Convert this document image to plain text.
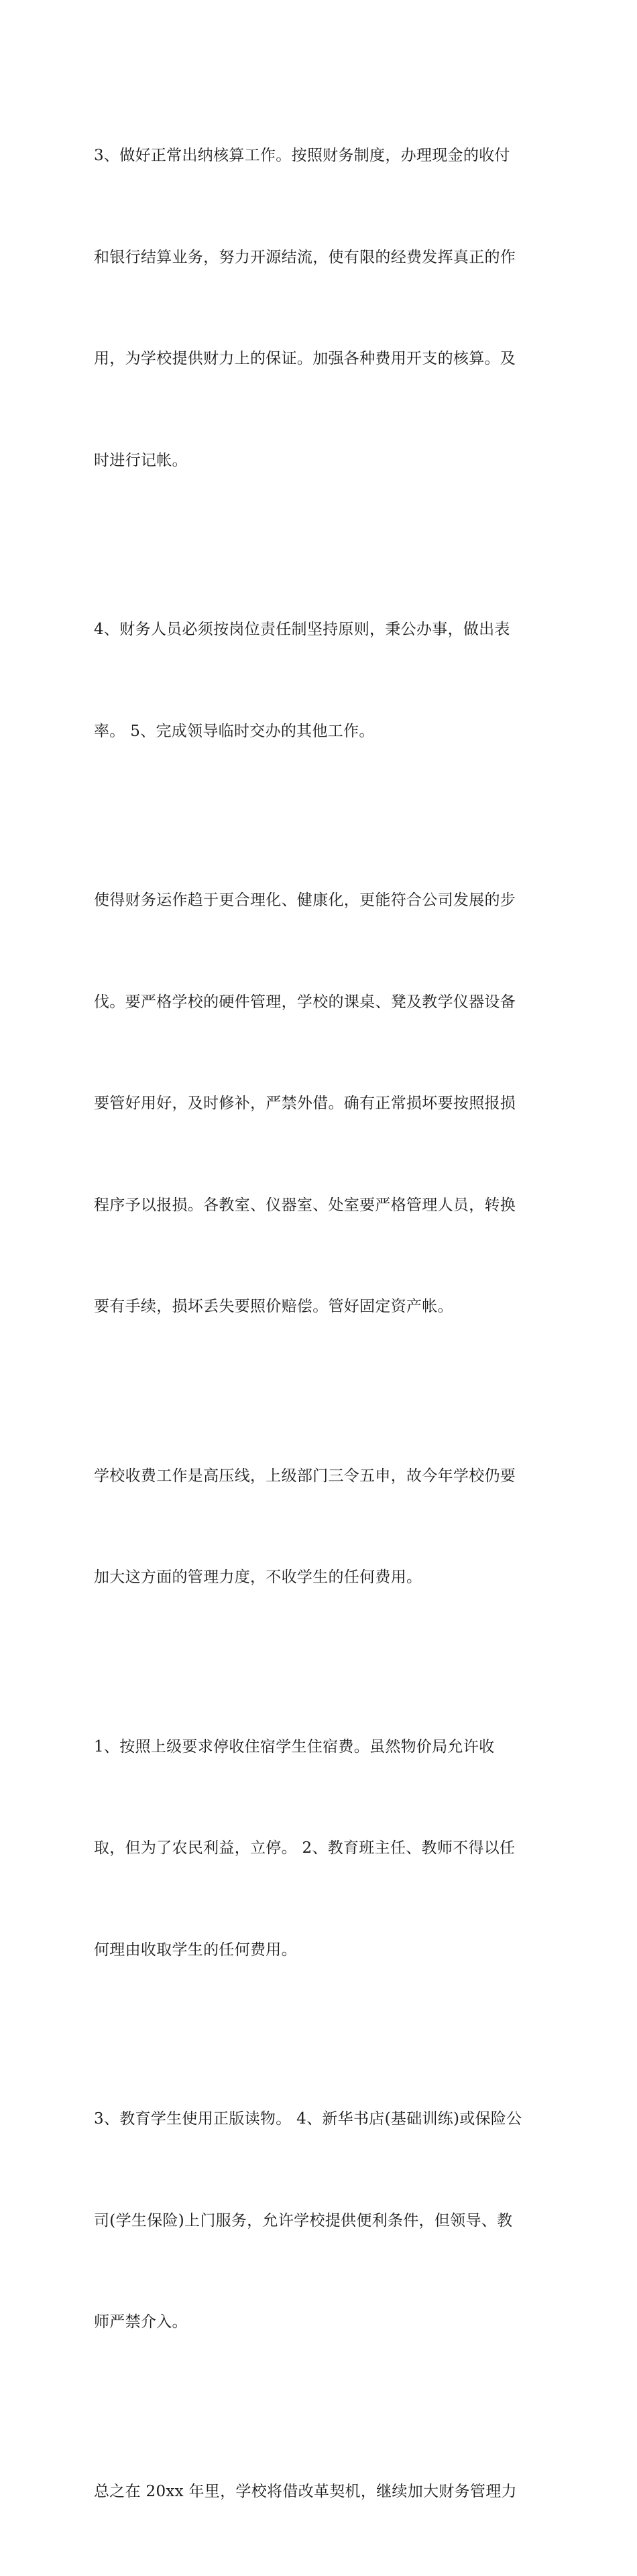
3、做好正常出纳核算工作。按照财务制度，办理现金的收付

和银行结算业务，努力开源结流，使有限的经费发挥真正的作

用，为学校提供财力上的保证。加强各种费用开支的核算。及

时进行记帐。

4、财务人员必须按岗位责任制坚持原则，秉公办事，做出表

率。 5、完成领导临时交办的其他工作。

使得财务运作趋于更合理化、健康化，更能符合公司发展的步

伐。要严格学校的硬件管理，学校的课桌、凳及教学仪器设备

要管好用好，及时修补，严禁外借。确有正常损坏要按照报损

程序予以报损。各教室、仪器室、处室要严格管理人员，转换

要有手续，损坏丢失要照价赔偿。管好固定资产帐。

学校收费工作是高压线，上级部门三令五申，故今年学校仍要

加大这方面的管理力度，不收学生的任何费用。

1、按照上级要求停收住宿学生住宿费。虽然物价局允许收

取，但为了农民利益，立停。 2、教育班主任、教师不得以任

何理由收取学生的任何费用。

3、教育学生使用正版读物。 4、新华书店(基础训练)或保险公

司(学生保险)上门服务，允许学校提供便利条件，但领导、教

师严禁介入。

总之在 20xx 年里，学校将借改革契机，继续加大财务管理力
